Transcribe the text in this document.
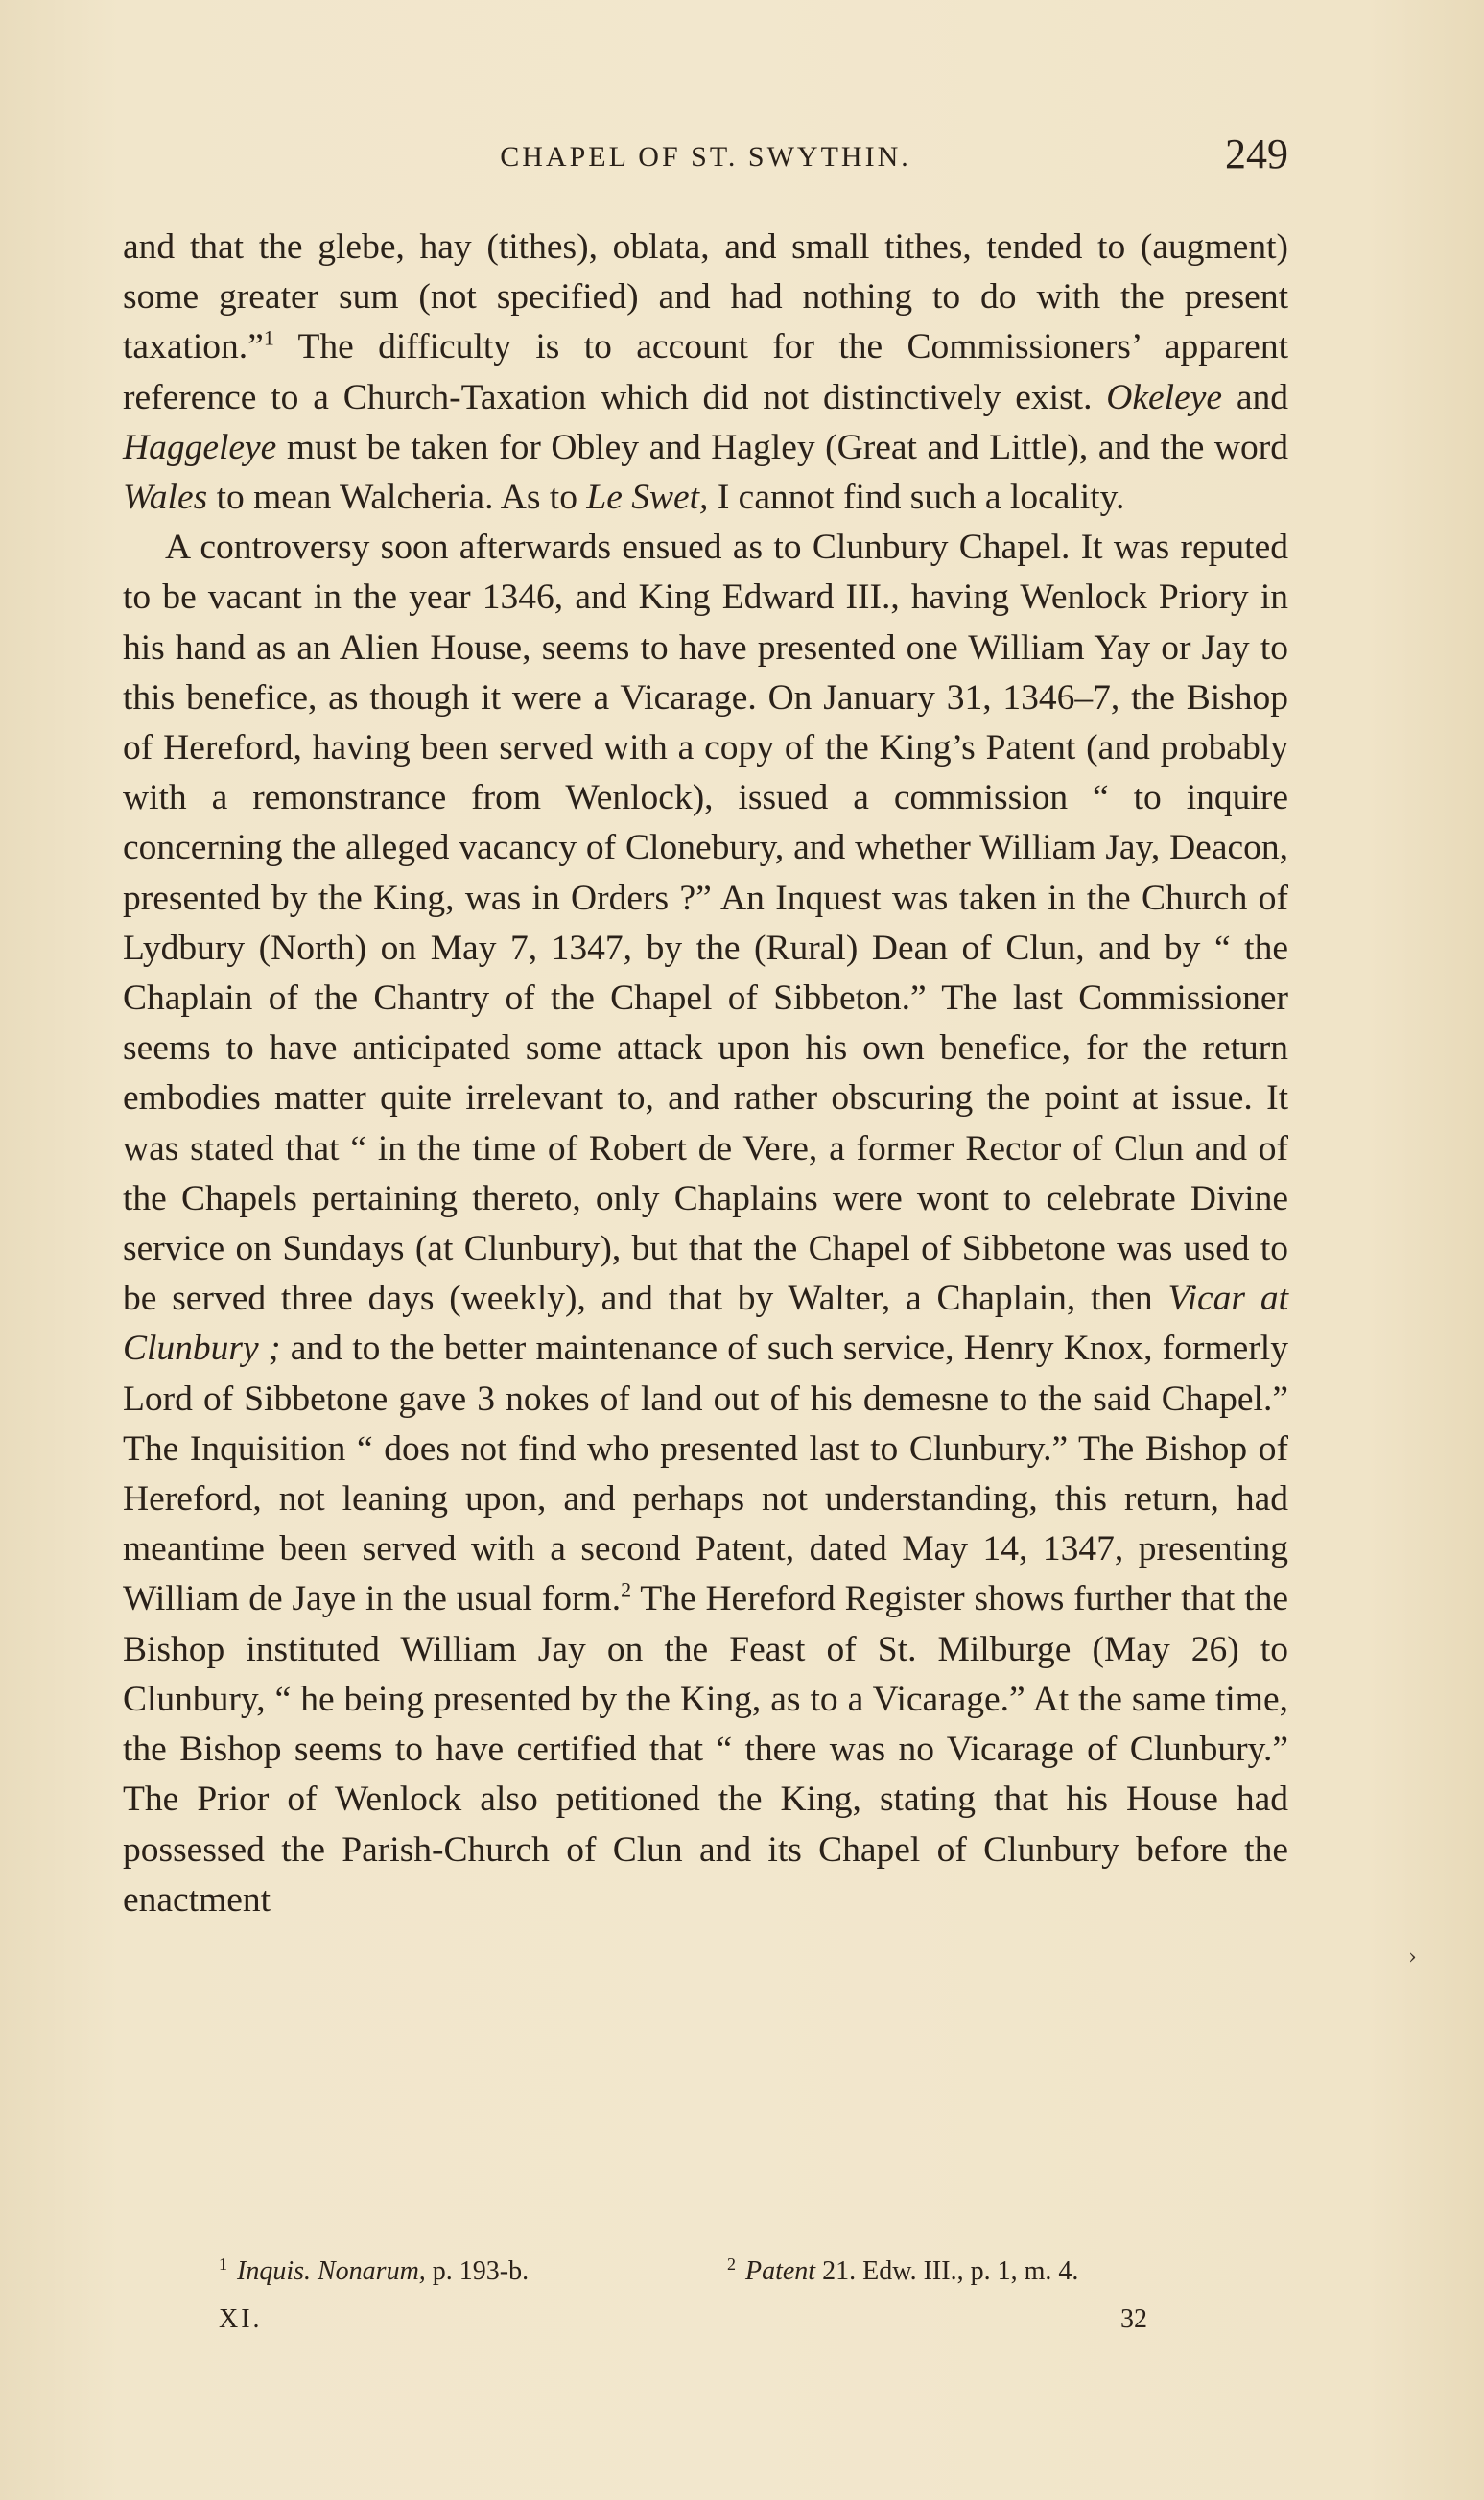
CHAPEL OF ST. SWYTHIN.	249

and that the glebe, hay (tithes), oblata, and small tithes, tended to (augment) some greater sum (not specified) and had nothing to do with the present taxation.”$^1$ The difficulty is to account for the Commissioners’ apparent reference to a Church-Taxation which did not distinctively exist. Okeleye and Haggeleye must be taken for Obley and Hagley (Great and Little), and the word Wales to mean Walcheria. As to Le Swet, I cannot find such a locality.

A controversy soon afterwards ensued as to Clunbury Chapel. It was reputed to be vacant in the year 1346, and King Edward III., having Wenlock Priory in his hand as an Alien House, seems to have presented one William Yay or Jay to this benefice, as though it were a Vicarage. On January 31, 1346–7, the Bishop of Hereford, having been served with a copy of the King’s Patent (and probably with a remonstrance from Wenlock), issued a commission “ to inquire concerning the alleged vacancy of Clonebury, and whether William Jay, Deacon, presented by the King, was in Orders ?” An Inquest was taken in the Church of Lydbury (North) on May 7, 1347, by the (Rural) Dean of Clun, and by “ the Chaplain of the Chantry of the Chapel of Sibbeton.” The last Commissioner seems to have anticipated some attack upon his own benefice, for the return embodies matter quite irrelevant to, and rather obscuring the point at issue. It was stated that “ in the time of Robert de Vere, a former Rector of Clun and of the Chapels pertaining thereto, only Chaplains were wont to celebrate Divine service on Sundays (at Clunbury), but that the Chapel of Sibbetone was used to be served three days (weekly), and that by Walter, a Chaplain, then Vicar at Clunbury ; and to the better maintenance of such service, Henry Knox, formerly Lord of Sibbetone gave 3 nokes of land out of his demesne to the said Chapel.” The Inquisition “ does not find who presented last to Clunbury.” The Bishop of Hereford, not leaning upon, and perhaps not understanding, this return, had meantime been served with a second Patent, dated May 14, 1347, presenting William de Jaye in the usual form.$^2$ The Hereford Register shows further that the Bishop instituted William Jay on the Feast of St. Milburge (May 26) to Clunbury, “ he being presented by the King, as to a Vicarage.” At the same time, the Bishop seems to have certified that “ there was no Vicarage of Clunbury.” The Prior of Wenlock also petitioned the King, stating that his House had possessed the Parish-Church of Clun and its Chapel of Clunbury before the enactment

$^1$ Inquis. Nonarum, p. 193-b.	$^2$ Patent 21. Edw. III., p. 1, m. 4.
XI.	32
›
